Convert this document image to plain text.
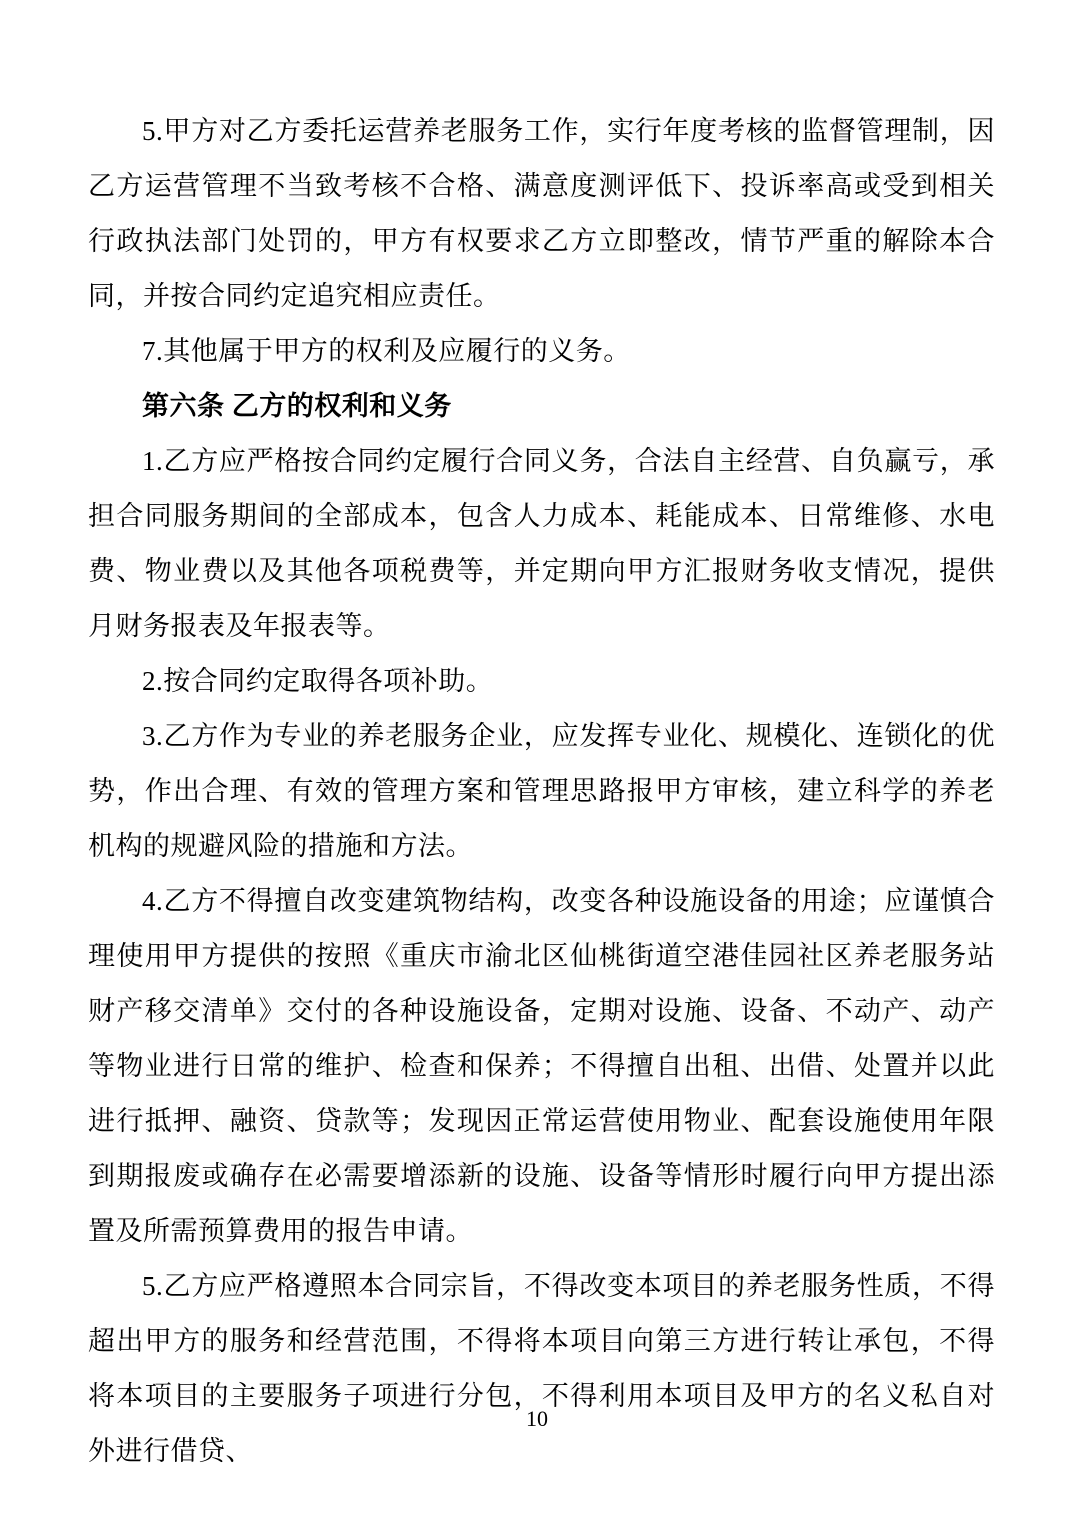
5.甲方对乙方委托运营养老服务工作，实行年度考核的监督管理制，因乙方运营管理不当致考核不合格、满意度测评低下、投诉率高或受到相关行政执法部门处罚的，甲方有权要求乙方立即整改，情节严重的解除本合同，并按合同约定追究相应责任。

7.其他属于甲方的权利及应履行的义务。

第六条 乙方的权利和义务

1.乙方应严格按合同约定履行合同义务，合法自主经营、自负赢亏，承担合同服务期间的全部成本，包含人力成本、耗能成本、日常维修、水电费、物业费以及其他各项税费等，并定期向甲方汇报财务收支情况，提供月财务报表及年报表等。

2.按合同约定取得各项补助。

3.乙方作为专业的养老服务企业，应发挥专业化、规模化、连锁化的优势，作出合理、有效的管理方案和管理思路报甲方审核，建立科学的养老机构的规避风险的措施和方法。

4.乙方不得擅自改变建筑物结构，改变各种设施设备的用途；应谨慎合理使用甲方提供的按照《重庆市渝北区仙桃街道空港佳园社区养老服务站财产移交清单》交付的各种设施设备，定期对设施、设备、不动产、动产等物业进行日常的维护、检查和保养；不得擅自出租、出借、处置并以此进行抵押、融资、贷款等；发现因正常运营使用物业、配套设施使用年限到期报废或确存在必需要增添新的设施、设备等情形时履行向甲方提出添置及所需预算费用的报告申请。

5.乙方应严格遵照本合同宗旨，不得改变本项目的养老服务性质，不得超出甲方的服务和经营范围，不得将本项目向第三方进行转让承包，不得将本项目的主要服务子项进行分包，不得利用本项目及甲方的名义私自对外进行借贷、

10
